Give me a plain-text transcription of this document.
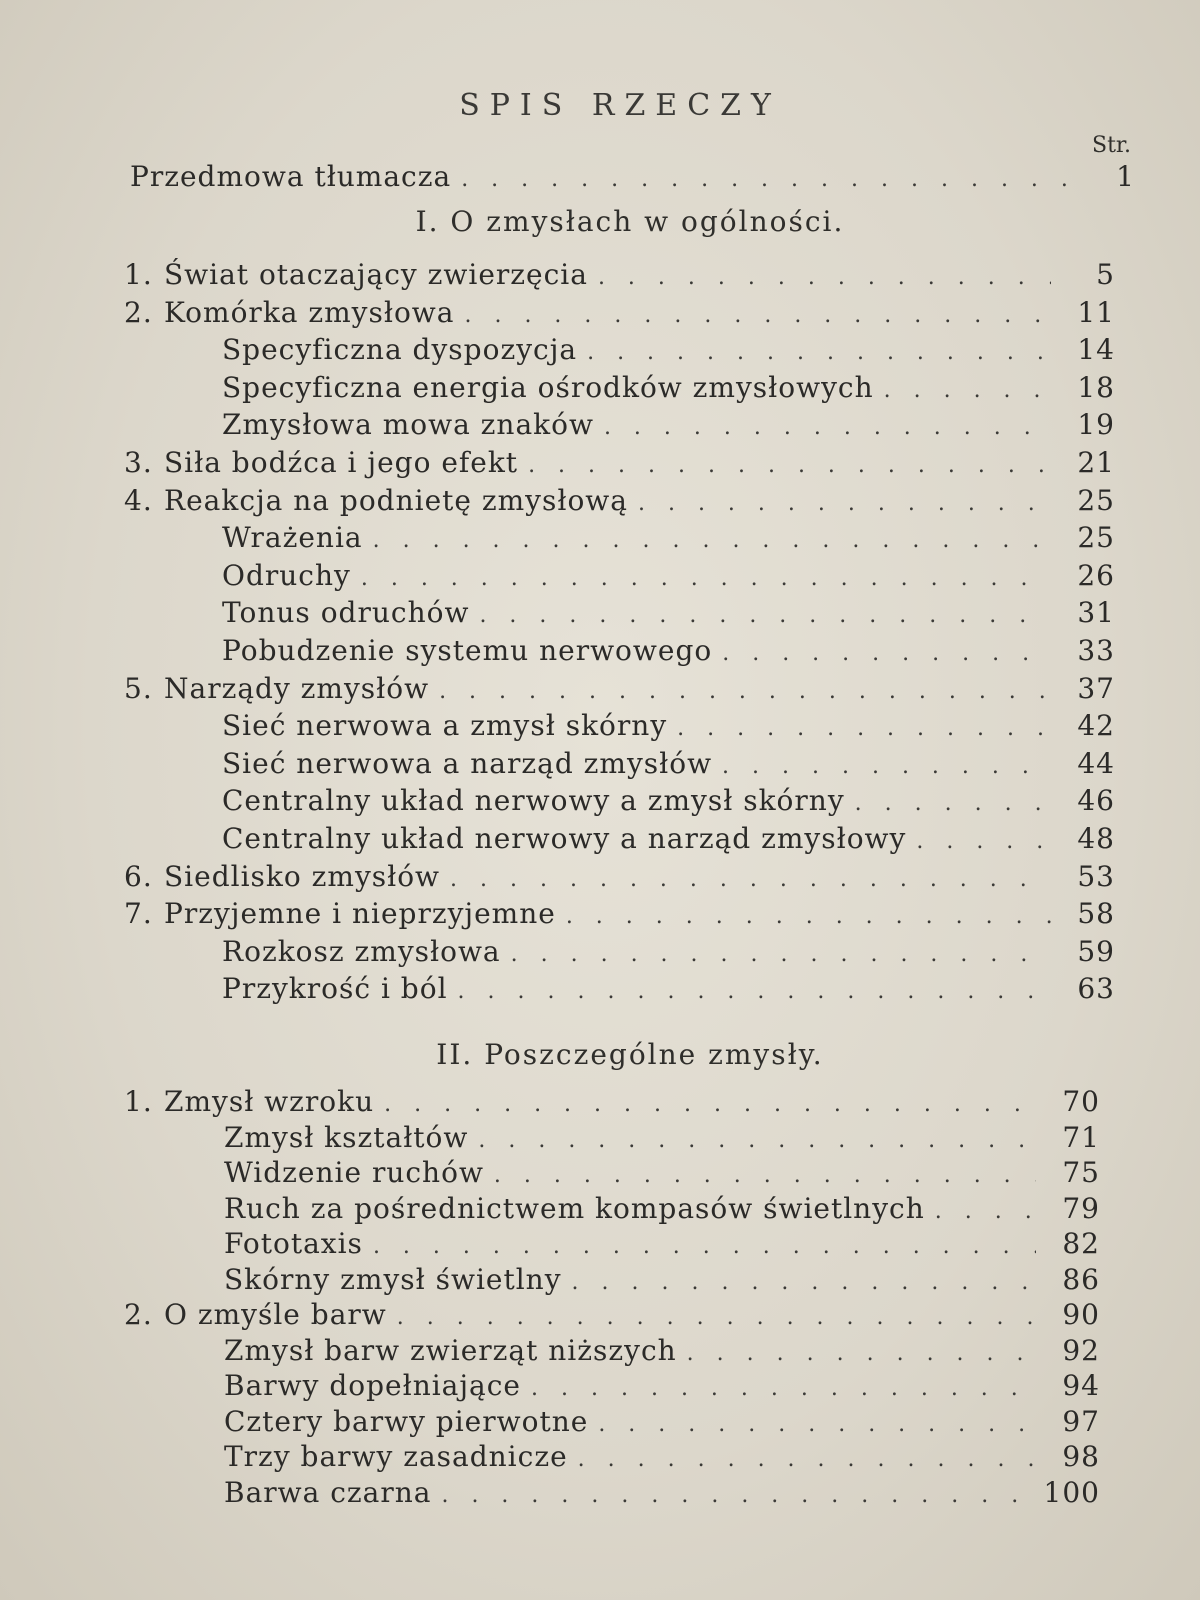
SPIS RZECZY
Str.
Przedmowa tłumacza . . .	1
I. O zmysłach w ogólności.
1. Świat otaczający zwierzęcia . . .	5
2. Komórka zmysłowa . . .	11
Specyficzna dyspozycja . . .	14
Specyficzna energia ośrodków zmysłowych . . .	18
Zmysłowa mowa znaków . . .	19
3. Siła bodźca i jego efekt . . .	21
4. Reakcja na podnietę zmysłową . . .	25
Wrażenia . . .	25
Odruchy . . .	26
Tonus odruchów . . .	31
Pobudzenie systemu nerwowego . . .	33
5. Narządy zmysłów . . .	37
Sieć nerwowa a zmysł skórny . . .	42
Sieć nerwowa a narząd zmysłów . . .	44
Centralny układ nerwowy a zmysł skórny . . .	46
Centralny układ nerwowy a narząd zmysłowy . . .	48
6. Siedlisko zmysłów . . .	53
7. Przyjemne i nieprzyjemne . . .	58
Rozkosz zmysłowa . . .	59
Przykrość i ból . . .	63
II. Poszczególne zmysły.
1. Zmysł wzroku . . .	70
Zmysł kształtów . . .	71
Widzenie ruchów . . .	75
Ruch za pośrednictwem kompasów świetlnych . . .	79
Fototaxis . . .	82
Skórny zmysł świetlny . . .	86
2. O zmyśle barw . . .	90
Zmysł barw zwierząt niższych . . .	92
Barwy dopełniające . . .	94
Cztery barwy pierwotne . . .	97
Trzy barwy zasadnicze . . .	98
Barwa czarna . . .	100
